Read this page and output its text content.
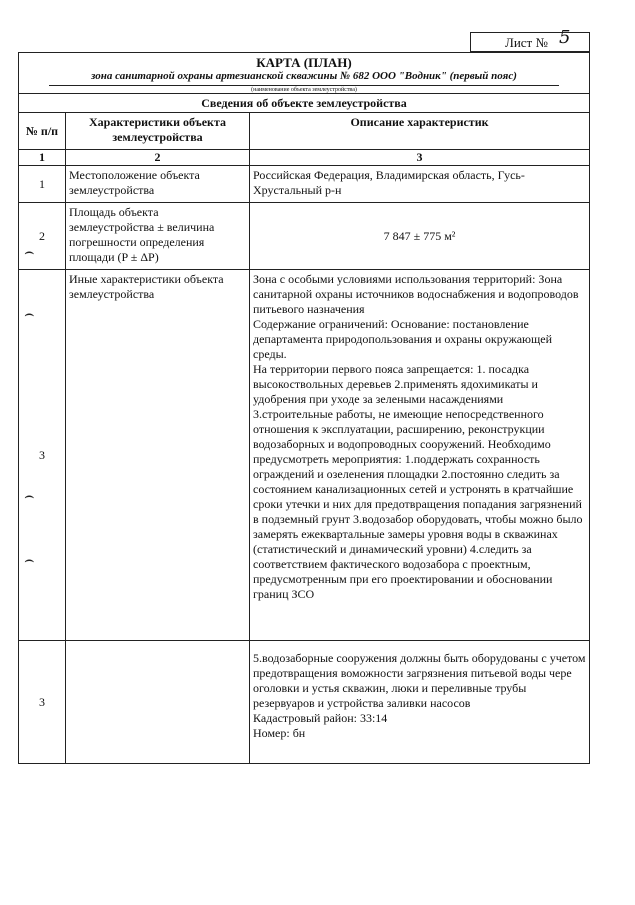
Лист № 5
КАРТА (ПЛАН)
зона санитарной охраны артезианской скважины № 682 ООО "Водник" (первый пояс)
(наименование объекта землеустройства)
Сведения об объекте землеустройства		
№ п/п	Характеристики объекта землеустройства	Описание характеристик
1	2	3
1	Местоположение объекта землеустройства	Российская Федерация, Владимирская область, Гусь-Хрустальный р-н

2	Площадь объекта землеустройства ± величина погрешности определения площади (P ± ΔP)	7 847 ± 775 м²
3	Иные характеристики объекта землеустройства	Зона с особыми условиями использования территорий: Зона санитарной охраны источников водоснабжения и водопроводов питьевого назначения

Содержание ограничений: Основание: постановление департамента природопользования и охраны окружающей среды.

На территории первого пояса запрещается: 1. посадка высокоствольных деревьев 2.применять ядохимикаты и удобрения при уходе за зелеными насаждениями 3.строительные работы, не имеющие непосредственного отношения к эксплуатации, расширению, реконструкции водозаборных и водопроводных сооружений. Необходимо предусмотреть мероприятия: 1.поддержать сохранность ограждений и озеленения площадки 2.постоянно следить за состоянием канализационных сетей и устронять в кратчайшие сроки утечки и них для предотвращения попадания загрязнений в подземный грунт 3.водозабор оборудовать, чтобы можно было замерять ежеквартальные замеры уровня воды в скважинах (статистический и динамический уровни) 4.следить за соответствием фактического водозабора с проектным, предусмотренным при его проектировании и обосновании границ ЗСО

3		5.водозаборные сооружения должны быть оборудованы с учетом предотвращения воможности загрязнения питьевой воды чере оголовки и устья скважин, люки и переливные трубы резервуаров и устройства заливки насосов

Кадастровый район: 33:14

Номер: бн

⌢
⌢
⌢
⌢
